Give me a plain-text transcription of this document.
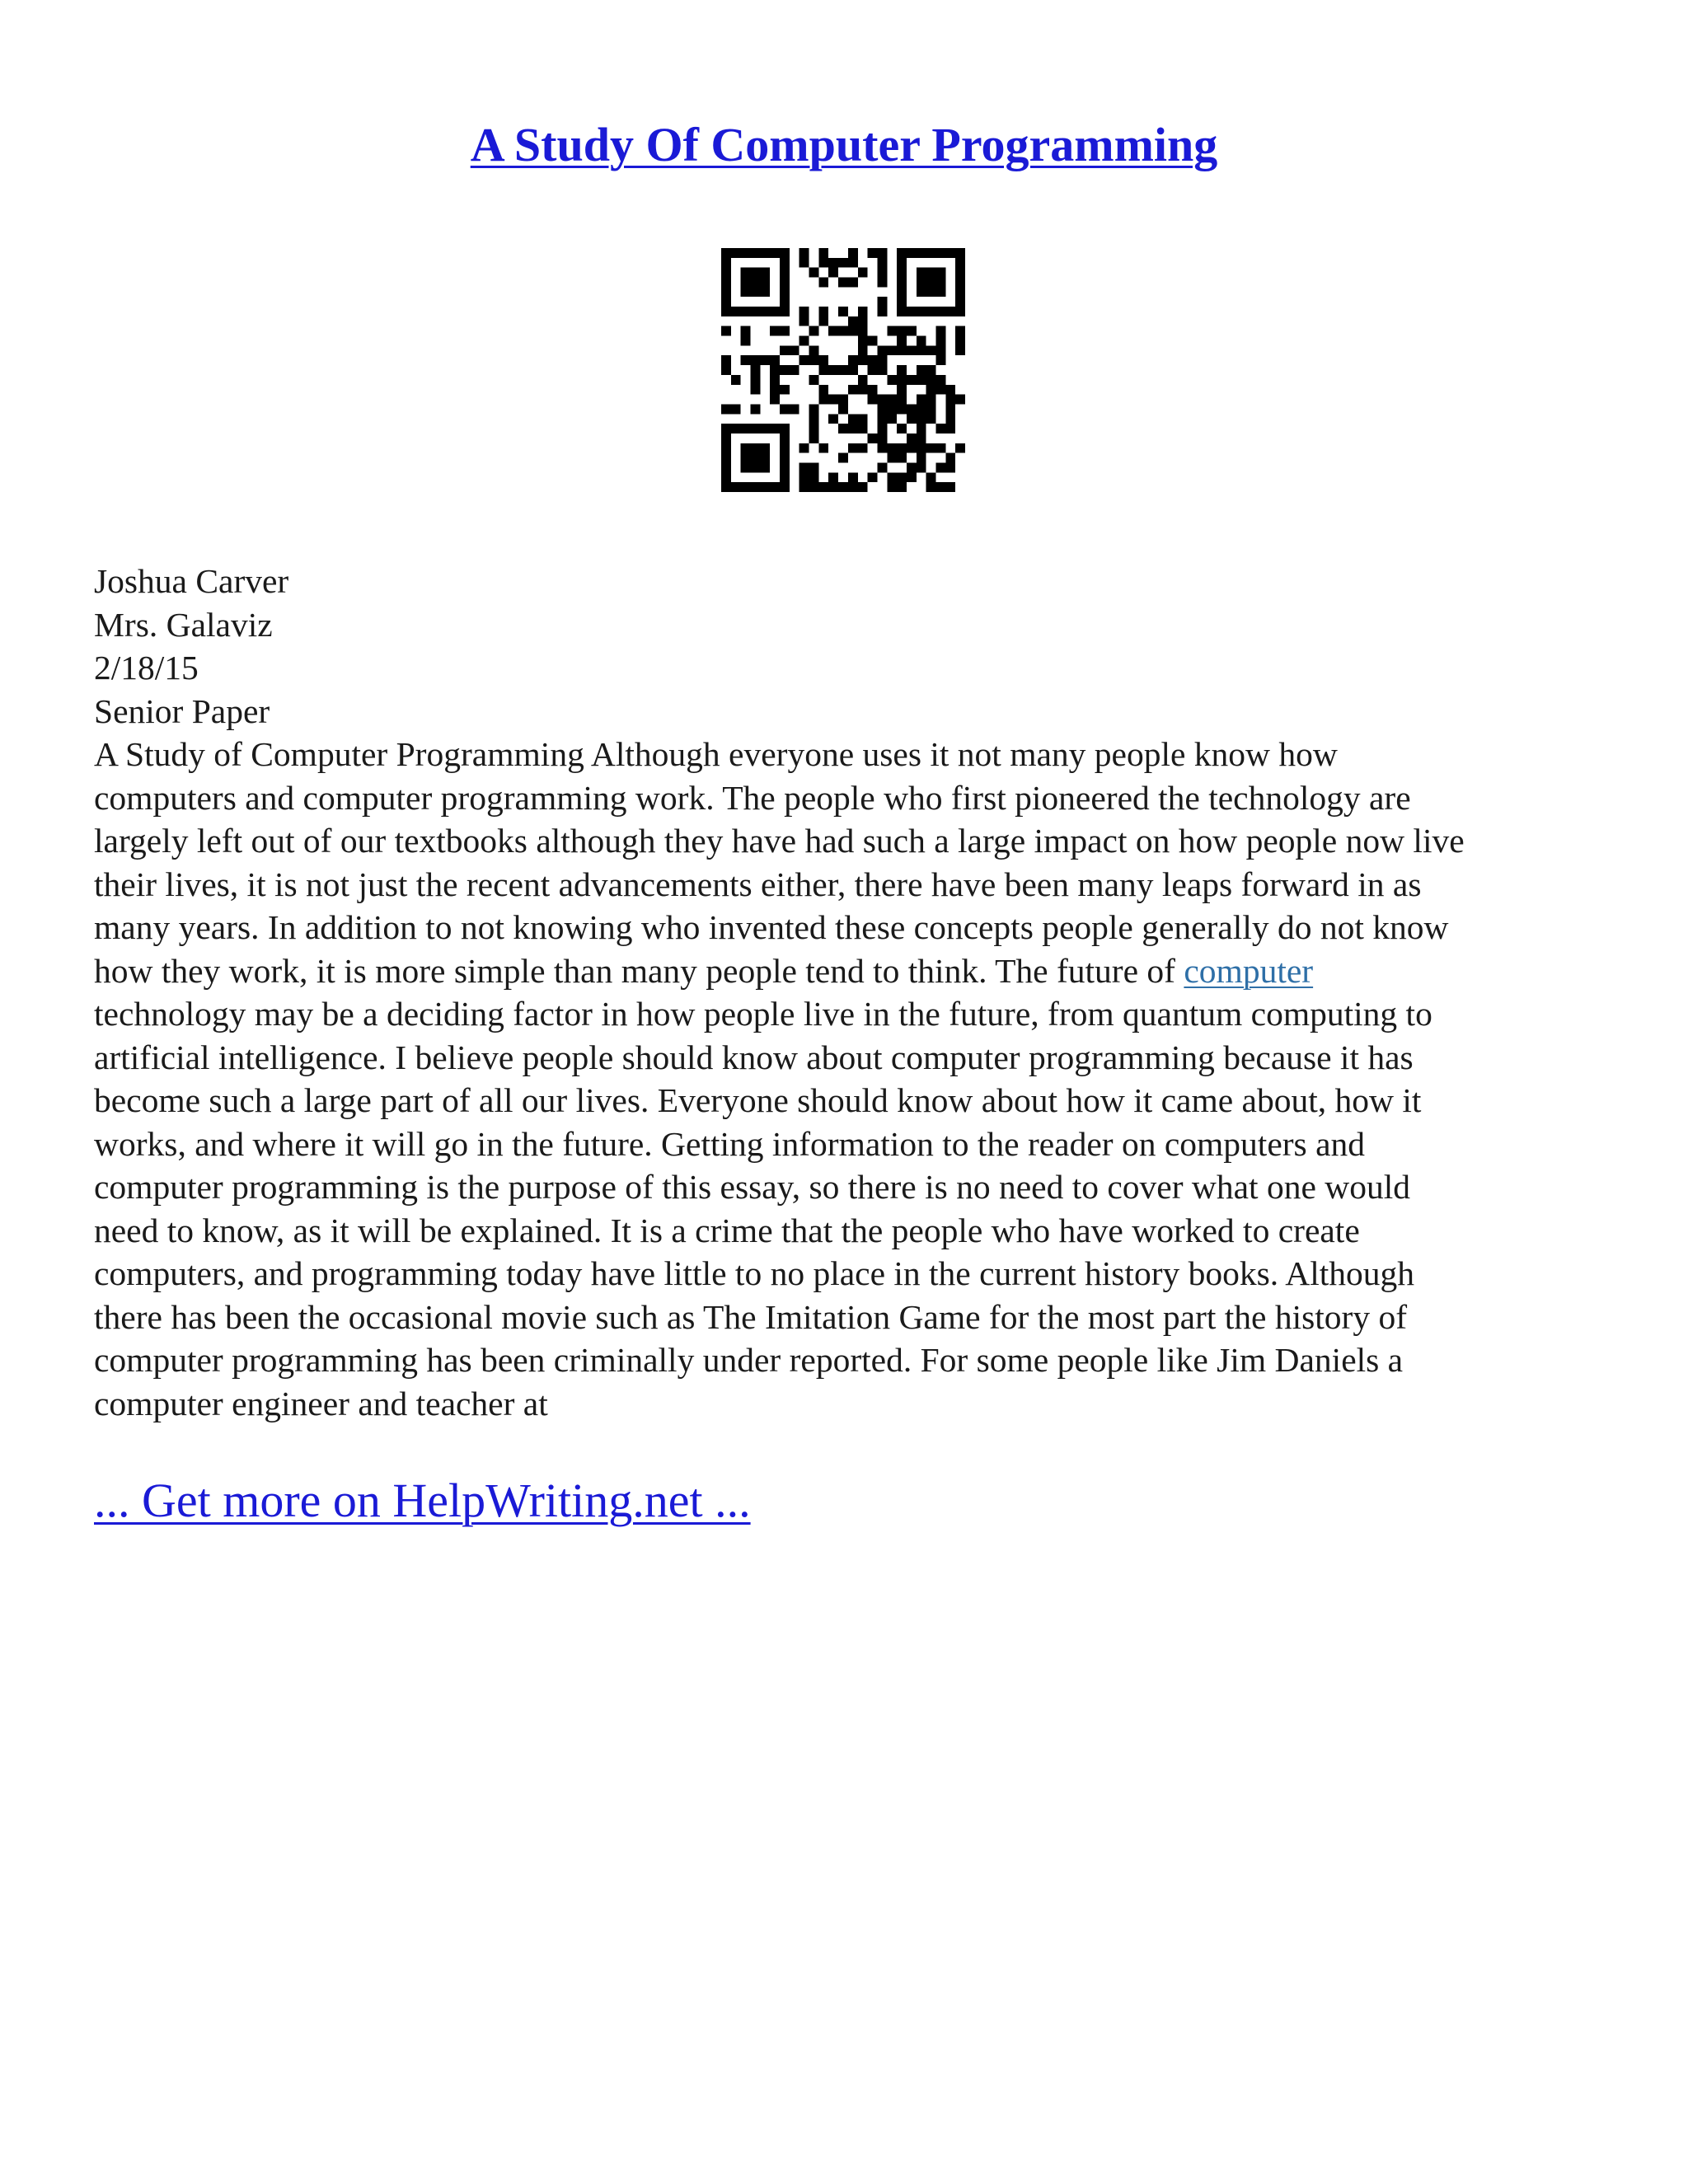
A Study Of Computer Programming
Joshua Carver
Mrs. Galaviz
2/18/15
Senior Paper
A Study of Computer Programming Although everyone uses it not many people know how
computers and computer programming work. The people who first pioneered the technology are
largely left out of our textbooks although they have had such a large impact on how people now live
their lives, it is not just the recent advancements either, there have been many leaps forward in as
many years. In addition to not knowing who invented these concepts people generally do not know
how they work, it is more simple than many people tend to think. The future of computer
technology may be a deciding factor in how people live in the future, from quantum computing to
artificial intelligence. I believe people should know about computer programming because it has
become such a large part of all our lives. Everyone should know about how it came about, how it
works, and where it will go in the future. Getting information to the reader on computers and
computer programming is the purpose of this essay, so there is no need to cover what one would
need to know, as it will be explained. It is a crime that the people who have worked to create
computers, and programming today have little to no place in the current history books. Although
there has been the occasional movie such as The Imitation Game for the most part the history of
computer programming has been criminally under reported. For some people like Jim Daniels a
computer engineer and teacher at
... Get more on HelpWriting.net ...
